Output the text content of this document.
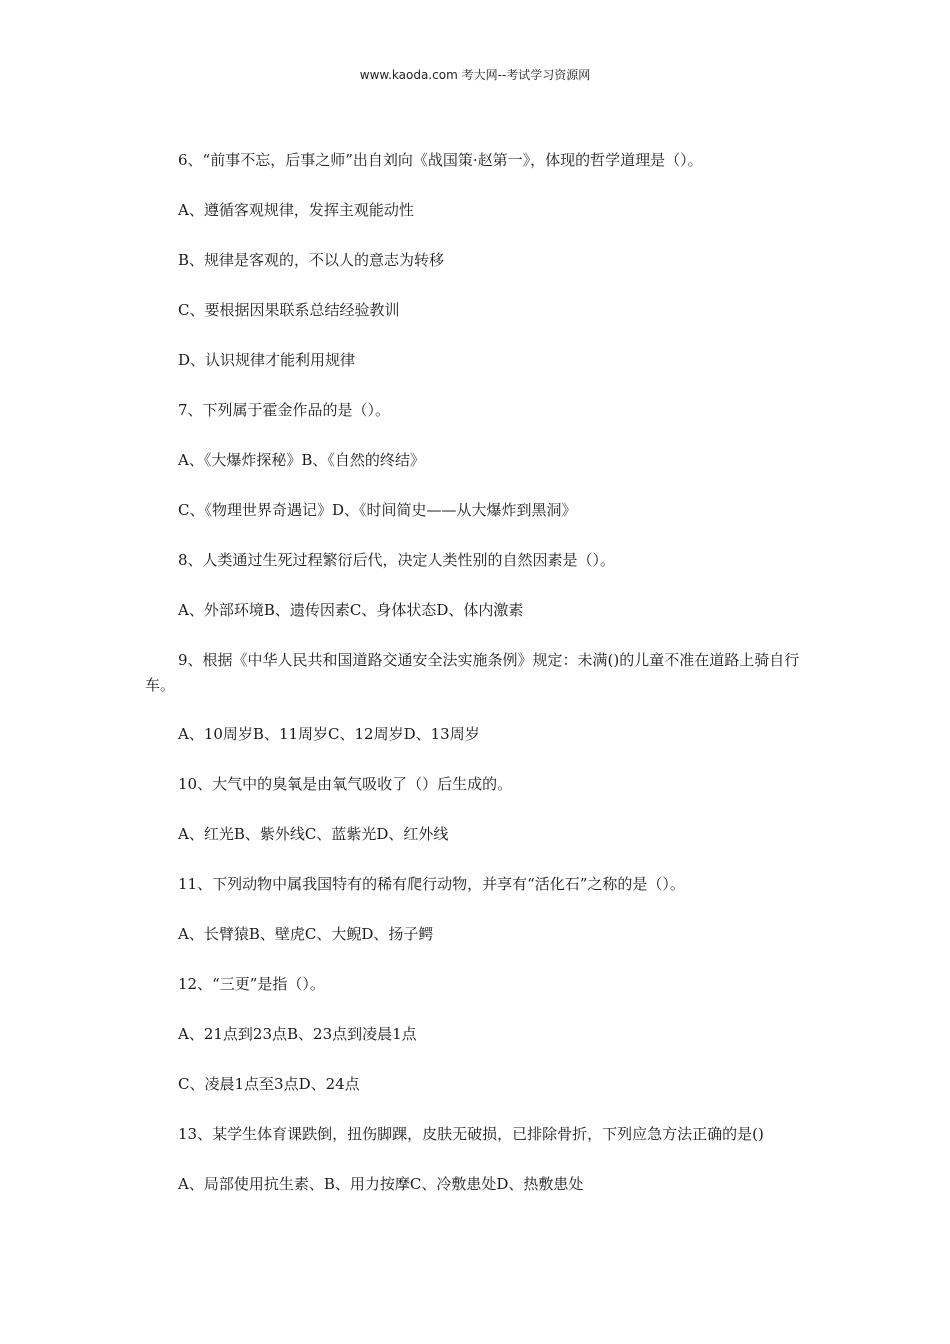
www.kaoda.com 考大网--考试学习资源网
6、“前事不忘，后事之师”出自刘向《战国策·赵第一》，体现的哲学道理是（）。
A、遵循客观规律，发挥主观能动性
B、规律是客观的，不以人的意志为转移
C、要根据因果联系总结经验教训
D、认识规律才能利用规律
7、下列属于霍金作品的是（）。
A、《大爆炸探秘》B、《自然的终结》
C、《物理世界奇遇记》D、《时间简史——从大爆炸到黑洞》
8、人类通过生死过程繁衍后代，决定人类性别的自然因素是（）。
A、外部环境B、遗传因素C、身体状态D、体内激素
9、根据《中华人民共和国道路交通安全法实施条例》规定：未满()的儿童不准在道路上骑自行车。
A、10周岁B、11周岁C、12周岁D、13周岁
10、大气中的臭氧是由氧气吸收了（）后生成的。
A、红光B、紫外线C、蓝紫光D、红外线
11、下列动物中属我国特有的稀有爬行动物，并享有“活化石”之称的是（）。
A、长臂猿B、壁虎C、大鲵D、扬子鳄
12、“三更”是指（）。
A、21点到23点B、23点到凌晨1点
C、凌晨1点至3点D、24点
13、某学生体育课跌倒，扭伤脚踝，皮肤无破损，已排除骨折，下列应急方法正确的是()
A、局部使用抗生素、B、用力按摩C、冷敷患处D、热敷患处
